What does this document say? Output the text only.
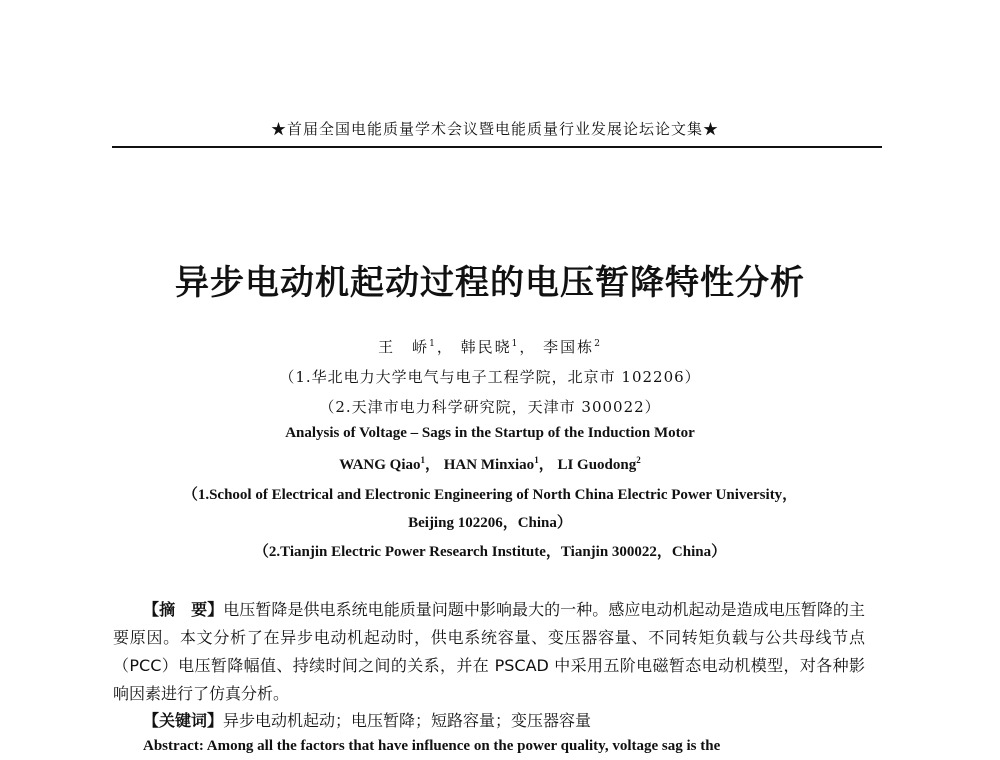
★首届全国电能质量学术会议暨电能质量行业发展论坛论文集★
异步电动机起动过程的电压暂降特性分析
王　峤$^1$， 韩民晓$^1$， 李国栋$^2$
（1.华北电力大学电气与电子工程学院，北京市 102206）
（2.天津市电力科学研究院，天津市 300022）
Analysis of Voltage – Sags in the Startup of the Induction Motor
WANG Qiao$^1$， HAN Minxiao$^1$， LI Guodong$^2$
（1.School of Electrical and Electronic Engineering of North China Electric Power University，
Beijing 102206，China）
（2.Tianjin Electric Power Research Institute，Tianjin 300022，China）
【摘　要】电压暂降是供电系统电能质量问题中影响最大的一种。感应电动机起动是造成电压暂降的主要原因。本文分析了在异步电动机起动时，供电系统容量、变压器容量、不同转矩负载与公共母线节点（PCC）电压暂降幅值、持续时间之间的关系，并在 PSCAD 中采用五阶电磁暂态电动机模型，对各种影响因素进行了仿真分析。
【关键词】异步电动机起动；电压暂降；短路容量；变压器容量
Abstract: Among all the factors that have influence on the power quality, voltage sag is the
